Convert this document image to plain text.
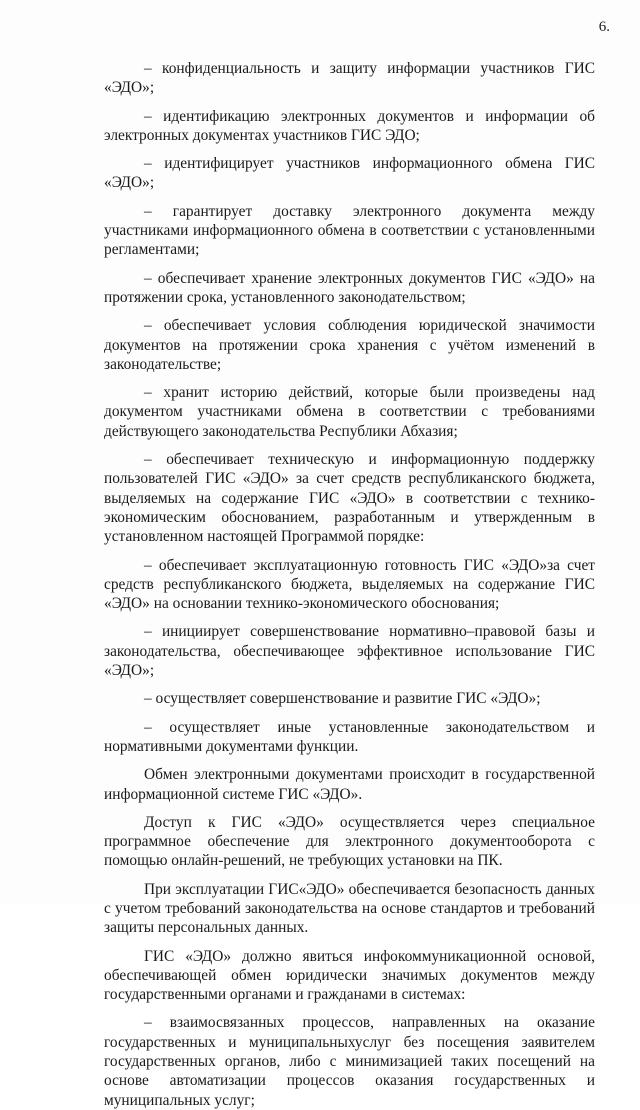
6.

– конфиденциальность и защиту информации участников ГИС «ЭДО»;

– идентификацию электронных документов и информации об электронных документах участников ГИС ЭДО;

– идентифицирует участников информационного обмена ГИС «ЭДО»;

– гарантирует доставку электронного документа между участниками информационного обмена в соответствии с установленными регламентами;

– обеспечивает хранение электронных документов ГИС «ЭДО» на протяжении срока, установленного законодательством;

– обеспечивает условия соблюдения юридической значимости документов на протяжении срока хранения с учётом изменений в законодательстве;

– хранит историю действий, которые были произведены над документом участниками обмена в соответствии с требованиями действующего законодательства Республики Абхазия;

– обеспечивает техническую и информационную поддержку пользователей ГИС «ЭДО» за счет средств республиканского бюджета, выделяемых на содержание ГИС «ЭДО» в соответствии с технико-экономическим обоснованием, разработанным и утвержденным в установленном настоящей Программой порядке:

– обеспечивает эксплуатационную готовность ГИС «ЭДО»за счет средств республиканского бюджета, выделяемых на содержание ГИС «ЭДО» на основании технико-экономического обоснования;

– инициирует совершенствование нормативно–правовой базы и законодательства, обеспечивающее эффективное использование ГИС «ЭДО»;

– осуществляет совершенствование и развитие ГИС «ЭДО»;

– осуществляет иные установленные законодательством и нормативными документами функции.

Обмен электронными документами происходит в государственной информационной системе ГИС «ЭДО».

Доступ к ГИС «ЭДО» осуществляется через специальное программное обеспечение для электронного документооборота с помощью онлайн-решений, не требующих установки на ПК.

При эксплуатации ГИС«ЭДО» обеспечивается безопасность данных с учетом требований законодательства на основе стандартов и требований защиты персональных данных.

ГИС «ЭДО» должно явиться инфокоммуникационной основой, обеспечивающей обмен юридически значимых документов между государственными органами и гражданами в системах:

– взаимосвязанных процессов, направленных на оказание государственных и муниципальныхуслуг без посещения заявителем государственных органов, либо с минимизацией таких посещений на основе автоматизации процессов оказания государственных и муниципальных услуг;
